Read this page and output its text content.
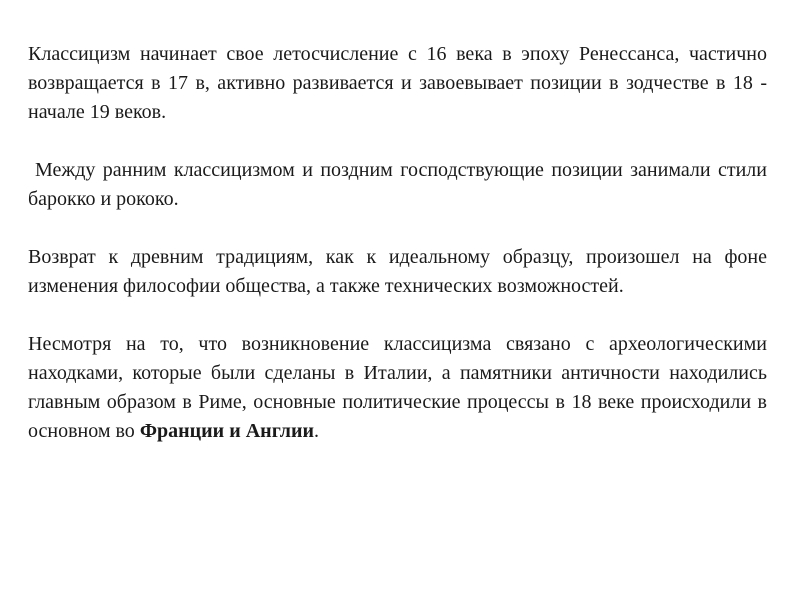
Классицизм начинает свое летосчисление с 16 века в эпоху Ренессанса, частично возвращается в 17 в, активно развивается и завоевывает позиции в зодчестве в 18 - начале 19 веков.

Между ранним классицизмом и поздним господствующие позиции занимали стили барокко и рококо.

Возврат к древним традициям, как к идеальному образцу, произошел на фоне изменения философии общества, а также технических возможностей.

Несмотря на то, что возникновение классицизма связано с археологическими находками, которые были сделаны в Италии, а памятники античности находились главным образом в Риме, основные политические процессы в 18 веке происходили в основном во Франции и Англии.
